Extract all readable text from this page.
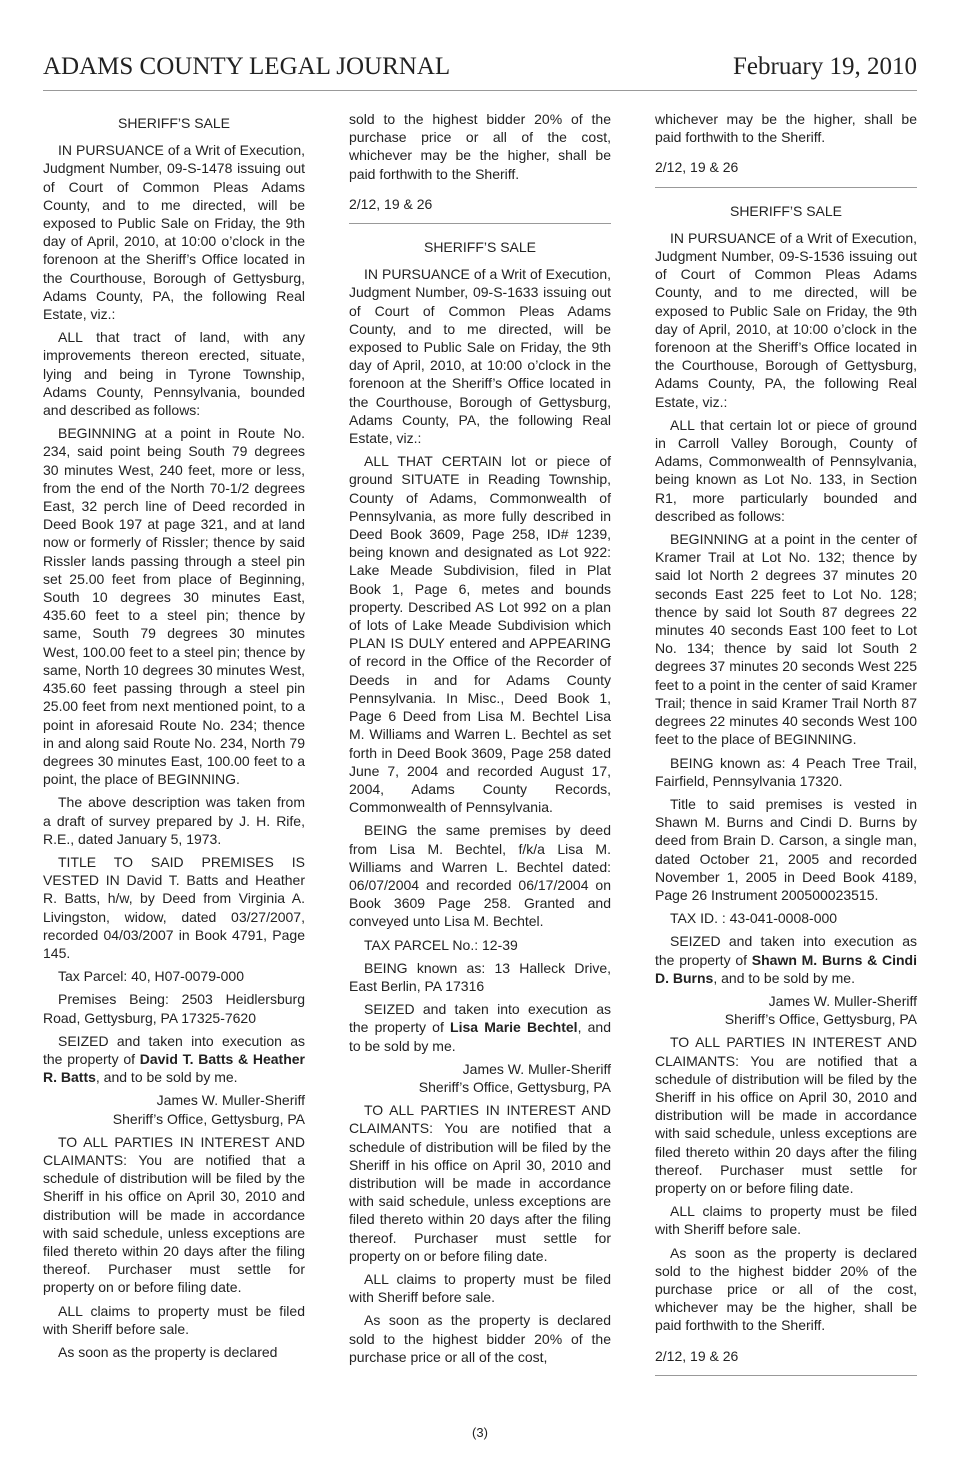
ADAMS COUNTY LEGAL JOURNAL	February 19, 2010
SHERIFF’S SALE

IN PURSUANCE of a Writ of Execution, Judgment Number, 09-S-1478 issuing out of Court of Common Pleas Adams County, and to me directed, will be exposed to Public Sale on Friday, the 9th day of April, 2010, at 10:00 o’clock in the forenoon at the Sheriff’s Office located in the Courthouse, Borough of Gettysburg, Adams County, PA, the following Real Estate, viz.:

ALL that tract of land, with any improvements thereon erected, situate, lying and being in Tyrone Township, Adams County, Pennsylvania, bounded and described as follows:

BEGINNING at a point in Route No. 234, said point being South 79 degrees 30 minutes West, 240 feet, more or less, from the end of the North 70-1/2 degrees East, 32 perch line of Deed recorded in Deed Book 197 at page 321, and at land now or formerly of Rissler; thence by said Rissler lands passing through a steel pin set 25.00 feet from place of Beginning, South 10 degrees 30 minutes East, 435.60 feet to a steel pin; thence by same, South 79 degrees 30 minutes West, 100.00 feet to a steel pin; thence by same, North 10 degrees 30 minutes West, 435.60 feet passing through a steel pin 25.00 feet from next mentioned point, to a point in aforesaid Route No. 234; thence in and along said Route No. 234, North 79 degrees 30 minutes East, 100.00 feet to a point, the place of BEGINNING.

The above description was taken from a draft of survey prepared by J. H. Rife, R.E., dated January 5, 1973.

TITLE TO SAID PREMISES IS VESTED IN David T. Batts and Heather R. Batts, h/w, by Deed from Virginia A. Livingston, widow, dated 03/27/2007, recorded 04/03/2007 in Book 4791, Page 145.

Tax Parcel: 40, H07-0079-000

Premises Being: 2503 Heidlersburg Road, Gettysburg, PA 17325-7620

SEIZED and taken into execution as the property of David T. Batts & Heather R. Batts, and to be sold by me.

James W. Muller-Sheriff
Sheriff’s Office, Gettysburg, PA

TO ALL PARTIES IN INTEREST AND CLAIMANTS: You are notified that a schedule of distribution will be filed by the Sheriff in his office on April 30, 2010 and distribution will be made in accordance with said schedule, unless exceptions are filed thereto within 20 days after the filing thereof. Purchaser must settle for property on or before filing date.

ALL claims to property must be filed with Sheriff before sale.

As soon as the property is declared

sold to the highest bidder 20% of the purchase price or all of the cost, whichever may be the higher, shall be paid forthwith to the Sheriff.

2/12, 19 & 26
SHERIFF’S SALE

IN PURSUANCE of a Writ of Execution, Judgment Number, 09-S-1633 issuing out of Court of Common Pleas Adams County, and to me directed, will be exposed to Public Sale on Friday, the 9th day of April, 2010, at 10:00 o’clock in the forenoon at the Sheriff’s Office located in the Courthouse, Borough of Gettysburg, Adams County, PA, the following Real Estate, viz.:

ALL THAT CERTAIN lot or piece of ground SITUATE in Reading Township, County of Adams, Commonwealth of Pennsylvania, as more fully described in Deed Book 3609, Page 258, ID# 1239, being known and designated as Lot 922: Lake Meade Subdivision, filed in Plat Book 1, Page 6, metes and bounds property. Described AS Lot 992 on a plan of lots of Lake Meade Subdivision which PLAN IS DULY entered and APPEARING of record in the Office of the Recorder of Deeds in and for Adams County Pennsylvania. In Misc., Deed Book 1, Page 6 Deed from Lisa M. Bechtel Lisa M. Williams and Warren L. Bechtel as set forth in Deed Book 3609, Page 258 dated June 7, 2004 and recorded August 17, 2004, Adams County Records, Commonwealth of Pennsylvania.

BEING the same premises by deed from Lisa M. Bechtel, f/k/a Lisa M. Williams and Warren L. Bechtel dated: 06/07/2004 and recorded 06/17/2004 on Book 3609 Page 258. Granted and conveyed unto Lisa M. Bechtel.

TAX PARCEL No.: 12-39

BEING known as: 13 Halleck Drive, East Berlin, PA 17316

SEIZED and taken into execution as the property of Lisa Marie Bechtel, and to be sold by me.

James W. Muller-Sheriff
Sheriff’s Office, Gettysburg, PA

TO ALL PARTIES IN INTEREST AND CLAIMANTS: You are notified that a schedule of distribution will be filed by the Sheriff in his office on April 30, 2010 and distribution will be made in accordance with said schedule, unless exceptions are filed thereto within 20 days after the filing thereof. Purchaser must settle for property on or before filing date.

ALL claims to property must be filed with Sheriff before sale.

As soon as the property is declared sold to the highest bidder 20% of the purchase price or all of the cost,

whichever may be the higher, shall be paid forthwith to the Sheriff.

2/12, 19 & 26
SHERIFF’S SALE

IN PURSUANCE of a Writ of Execution, Judgment Number, 09-S-1536 issuing out of Court of Common Pleas Adams County, and to me directed, will be exposed to Public Sale on Friday, the 9th day of April, 2010, at 10:00 o’clock in the forenoon at the Sheriff’s Office located in the Courthouse, Borough of Gettysburg, Adams County, PA, the following Real Estate, viz.:

ALL that certain lot or piece of ground in Carroll Valley Borough, County of Adams, Commonwealth of Pennsylvania, being known as Lot No. 133, in Section R1, more particularly bounded and described as follows:

BEGINNING at a point in the center of Kramer Trail at Lot No. 132; thence by said lot North 2 degrees 37 minutes 20 seconds East 225 feet to Lot No. 128; thence by said lot South 87 degrees 22 minutes 40 seconds East 100 feet to Lot No. 134; thence by said lot South 2 degrees 37 minutes 20 seconds West 225 feet to a point in the center of said Kramer Trail; thence in said Kramer Trail North 87 degrees 22 minutes 40 seconds West 100 feet to the place of BEGINNING.

BEING known as: 4 Peach Tree Trail, Fairfield, Pennsylvania 17320.

Title to said premises is vested in Shawn M. Burns and Cindi D. Burns by deed from Brain D. Carson, a single man, dated October 21, 2005 and recorded November 1, 2005 in Deed Book 4189, Page 26 Instrument 200500023515.

TAX ID. : 43-041-0008-000

SEIZED and taken into execution as the property of Shawn M. Burns & Cindi D. Burns, and to be sold by me.

James W. Muller-Sheriff
Sheriff’s Office, Gettysburg, PA

TO ALL PARTIES IN INTEREST AND CLAIMANTS: You are notified that a schedule of distribution will be filed by the Sheriff in his office on April 30, 2010 and distribution will be made in accordance with said schedule, unless exceptions are filed thereto within 20 days after the filing thereof. Purchaser must settle for property on or before filing date.

ALL claims to property must be filed with Sheriff before sale.

As soon as the property is declared sold to the highest bidder 20% of the purchase price or all of the cost, whichever may be the higher, shall be paid forthwith to the Sheriff.

2/12, 19 & 26
(3)
